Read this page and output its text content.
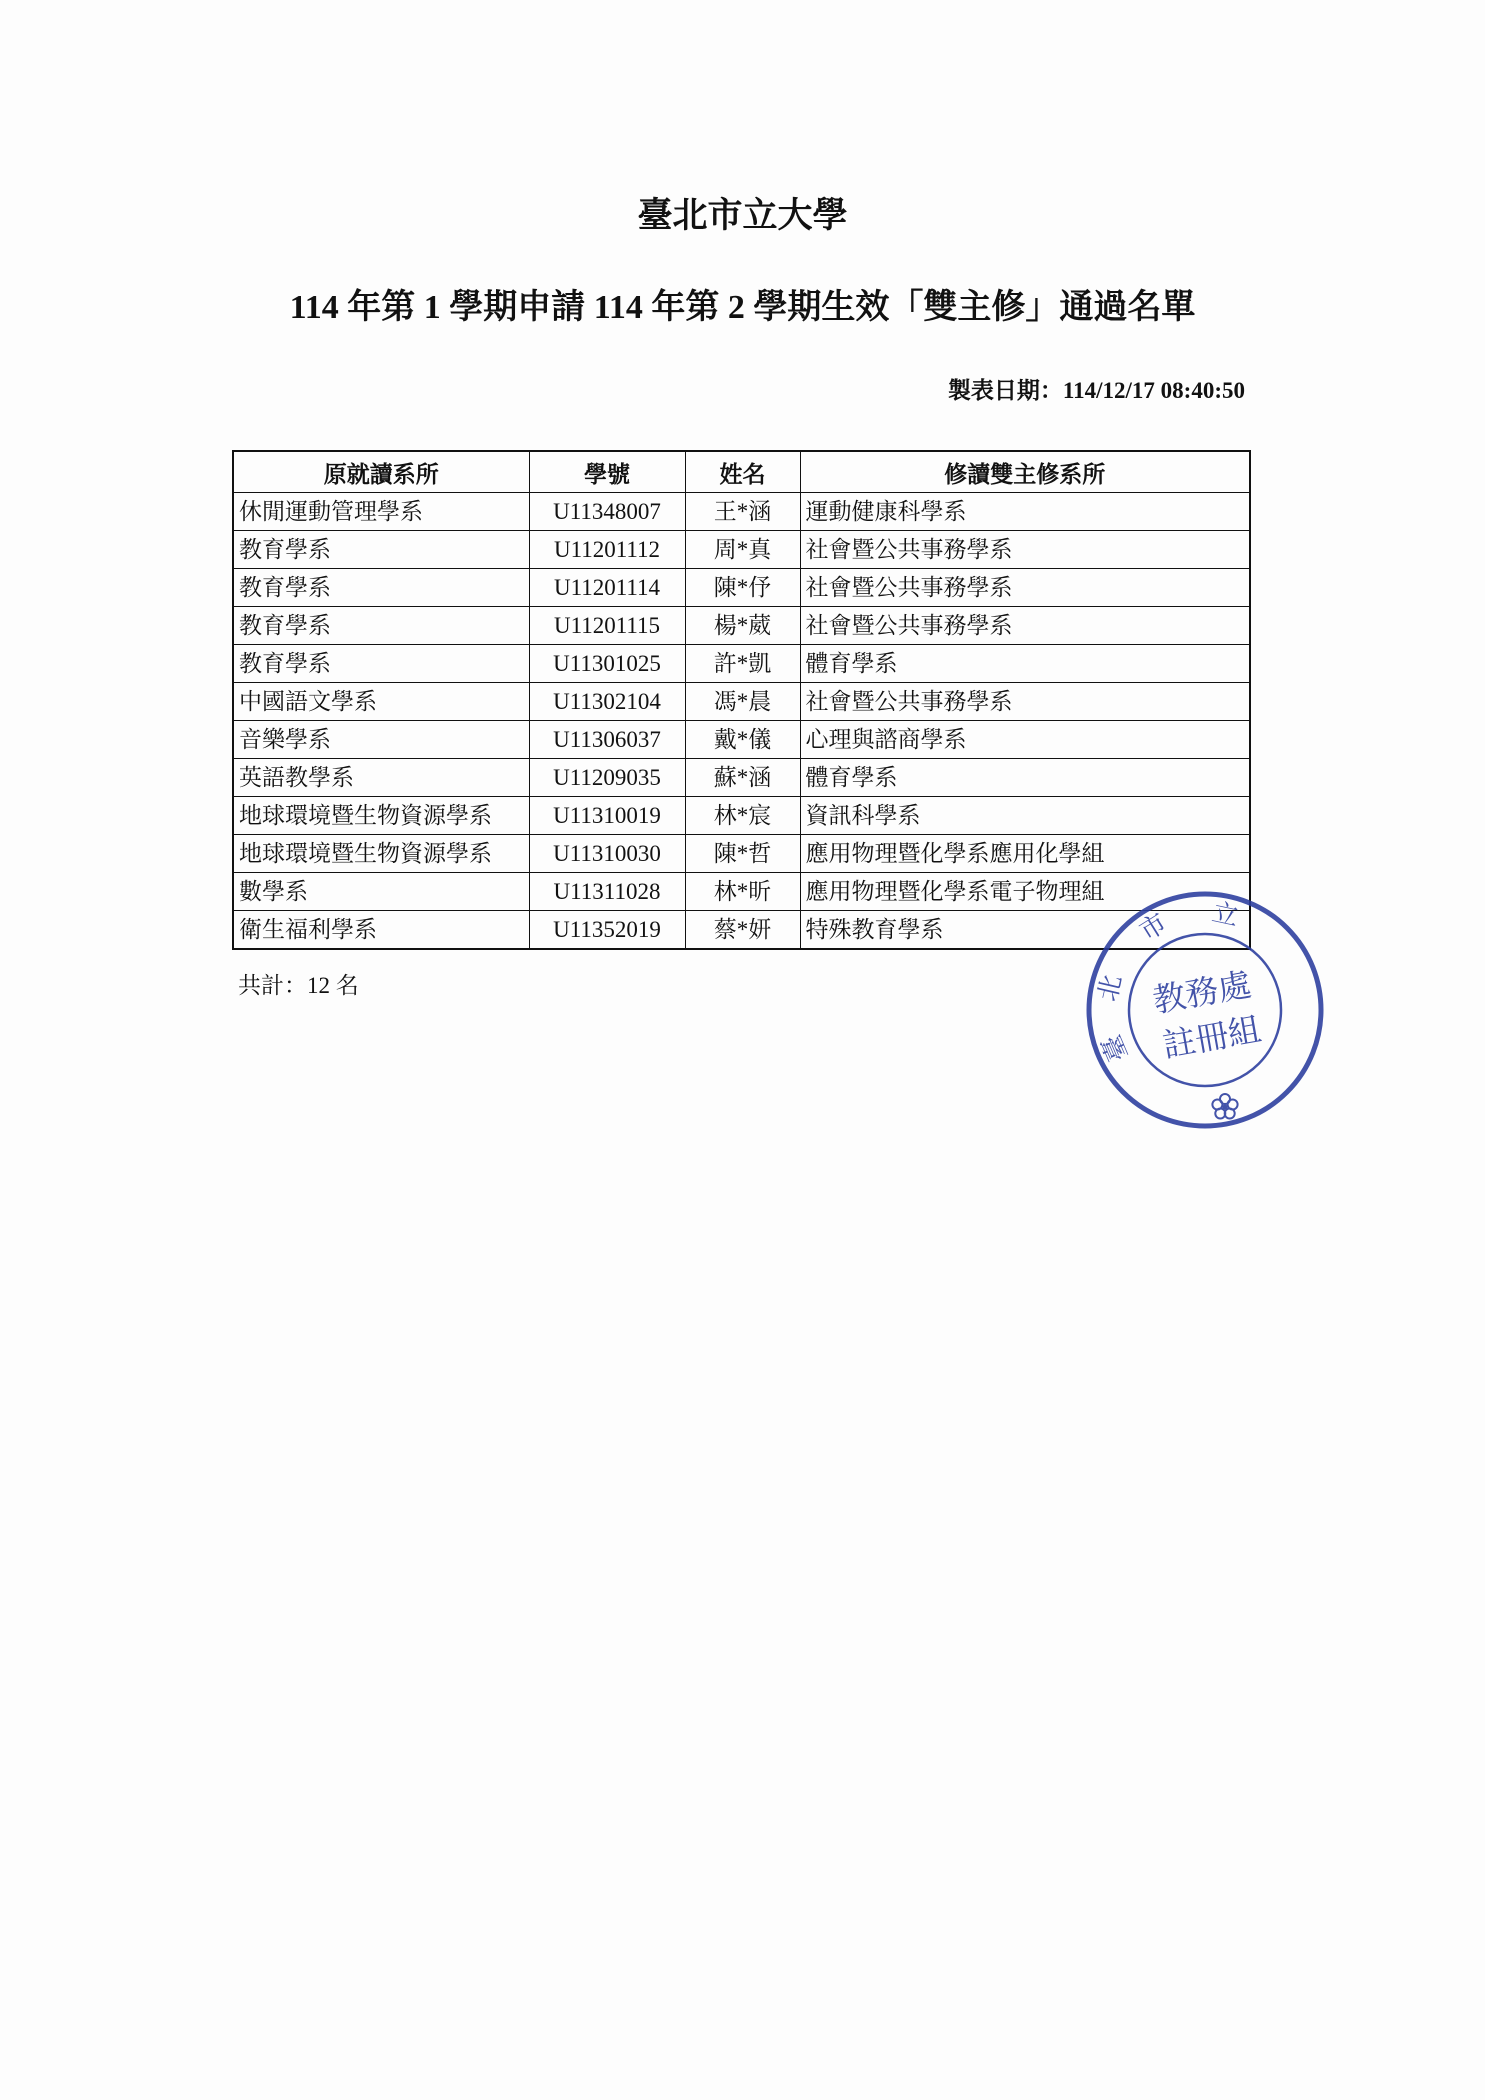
臺北市立大學
114 年第 1 學期申請 114 年第 2 學期生效「雙主修」通過名單
製表日期：114/12/17 08:40:50
原就讀系所	學號	姓名	修讀雙主修系所
休閒運動管理學系	U11348007	王*涵	運動健康科學系
教育學系	U11201112	周*真	社會暨公共事務學系
教育學系	U11201114	陳*伃	社會暨公共事務學系
教育學系	U11201115	楊*葳	社會暨公共事務學系
教育學系	U11301025	許*凱	體育學系
中國語文學系	U11302104	馮*晨	社會暨公共事務學系
音樂學系	U11306037	戴*儀	心理與諮商學系
英語教學系	U11209035	蘇*涵	體育學系
地球環境暨生物資源學系	U11310019	林*宸	資訊科學系
地球環境暨生物資源學系	U11310030	陳*哲	應用物理暨化學系應用化學組
數學系	U11311028	林*昕	應用物理暨化學系電子物理組
衛生福利學系	U11352019	蔡*妍	特殊教育學系
共計：12 名
臺
北
市 立
教務處
註冊組
